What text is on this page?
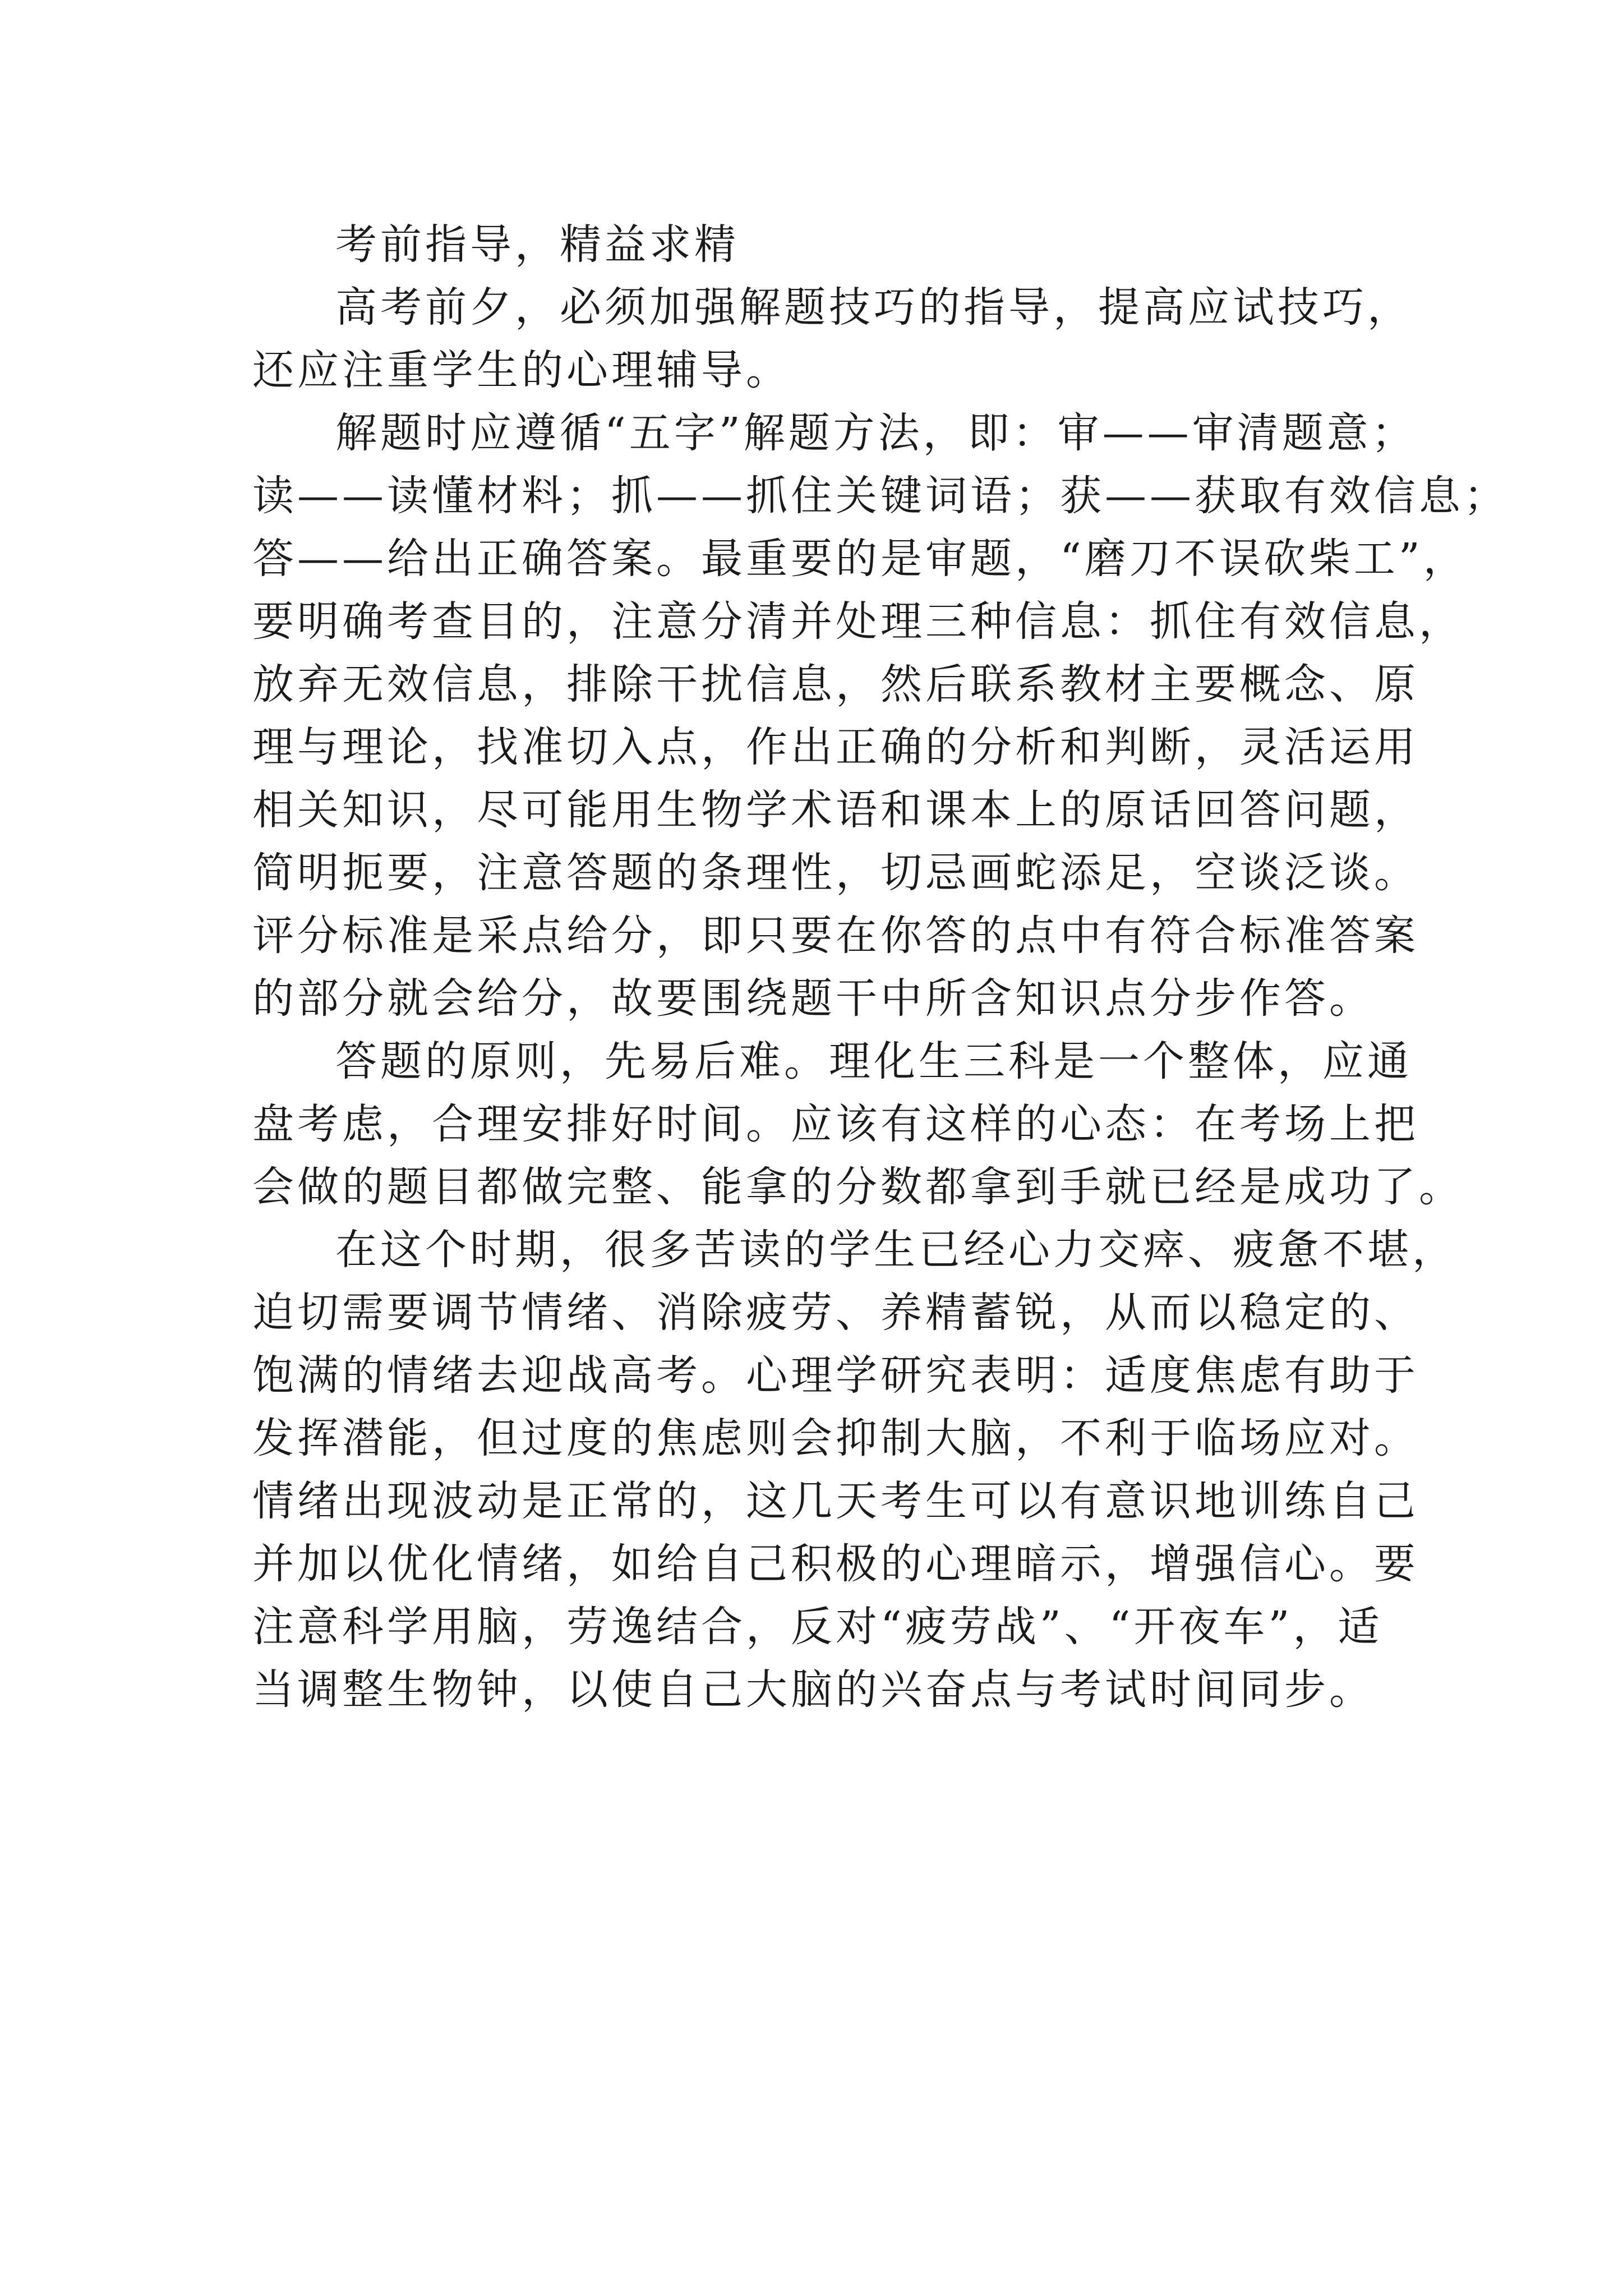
考前指导，精益求精
高考前夕，必须加强解题技巧的指导，提高应试技巧，
还应注重学生的心理辅导。
解题时应遵循“五字”解题方法，即：审——审清题意；
读——读懂材料；抓——抓住关键词语；获——获取有效信息；
答——给出正确答案。最重要的是审题，“磨刀不误砍柴工”，
要明确考查目的，注意分清并处理三种信息：抓住有效信息，
放弃无效信息，排除干扰信息，然后联系教材主要概念、原
理与理论，找准切入点，作出正确的分析和判断，灵活运用
相关知识，尽可能用生物学术语和课本上的原话回答问题，
简明扼要，注意答题的条理性，切忌画蛇添足，空谈泛谈。
评分标准是采点给分，即只要在你答的点中有符合标准答案
的部分就会给分，故要围绕题干中所含知识点分步作答。
答题的原则，先易后难。理化生三科是一个整体，应通
盘考虑，合理安排好时间。应该有这样的心态：在考场上把
会做的题目都做完整、能拿的分数都拿到手就已经是成功了。
在这个时期，很多苦读的学生已经心力交瘁、疲惫不堪，
迫切需要调节情绪、消除疲劳、养精蓄锐，从而以稳定的、
饱满的情绪去迎战高考。心理学研究表明：适度焦虑有助于
发挥潜能，但过度的焦虑则会抑制大脑，不利于临场应对。
情绪出现波动是正常的，这几天考生可以有意识地训练自己
并加以优化情绪，如给自己积极的心理暗示，增强信心。要
注意科学用脑，劳逸结合，反对“疲劳战”、“开夜车”，适
当调整生物钟，以使自己大脑的兴奋点与考试时间同步。
